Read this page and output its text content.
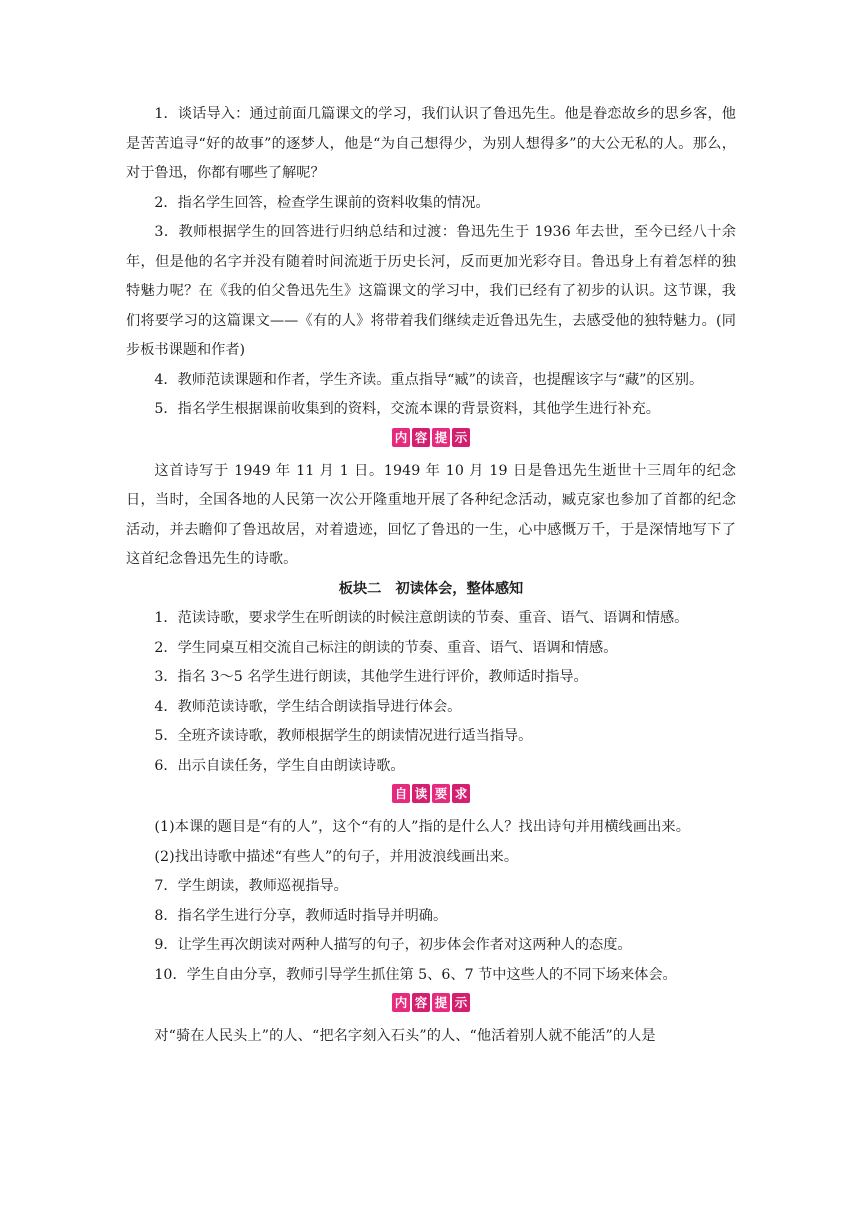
1．谈话导入：通过前面几篇课文的学习，我们认识了鲁迅先生。他是眷恋故乡的思乡客，他是苦苦追寻“好的故事”的逐梦人，他是“为自己想得少，为别人想得多”的大公无私的人。那么，对于鲁迅，你都有哪些了解呢？

2．指名学生回答，检查学生课前的资料收集的情况。

3．教师根据学生的回答进行归纳总结和过渡：鲁迅先生于 1936 年去世，至今已经八十余年，但是他的名字并没有随着时间流逝于历史长河，反而更加光彩夺目。鲁迅身上有着怎样的独特魅力呢？在《我的伯父鲁迅先生》这篇课文的学习中，我们已经有了初步的认识。这节课，我们将要学习的这篇课文——《有的人》将带着我们继续走近鲁迅先生，去感受他的独特魅力。(同步板书课题和作者)

4．教师范读课题和作者，学生齐读。重点指导“臧”的读音，也提醒该字与“藏”的区别。

5．指名学生根据课前收集到的资料，交流本课的背景资料，其他学生进行补充。

内 容 提 示

这首诗写于 1949 年 11 月 1 日。1949 年 10 月 19 日是鲁迅先生逝世十三周年的纪念日，当时，全国各地的人民第一次公开隆重地开展了各种纪念活动，臧克家也参加了首都的纪念活动，并去瞻仰了鲁迅故居，对着遗迹，回忆了鲁迅的一生，心中感慨万千，于是深情地写下了这首纪念鲁迅先生的诗歌。

板块二　初读体会，整体感知

1．范读诗歌，要求学生在听朗读的时候注意朗读的节奏、重音、语气、语调和情感。

2．学生同桌互相交流自己标注的朗读的节奏、重音、语气、语调和情感。

3．指名 3～5 名学生进行朗读，其他学生进行评价，教师适时指导。

4．教师范读诗歌，学生结合朗读指导进行体会。

5．全班齐读诗歌，教师根据学生的朗读情况进行适当指导。

6．出示自读任务，学生自由朗读诗歌。

自 读 要 求

(1)本课的题目是“有的人”，这个“有的人”指的是什么人？找出诗句并用横线画出来。

(2)找出诗歌中描述“有些人”的句子，并用波浪线画出来。

7．学生朗读，教师巡视指导。

8．指名学生进行分享，教师适时指导并明确。

9．让学生再次朗读对两种人描写的句子，初步体会作者对这两种人的态度。

10．学生自由分享，教师引导学生抓住第 5、6、7 节中这些人的不同下场来体会。

内 容 提 示

对“骑在人民头上”的人、“把名字刻入石头”的人、“他活着别人就不能活”的人是
